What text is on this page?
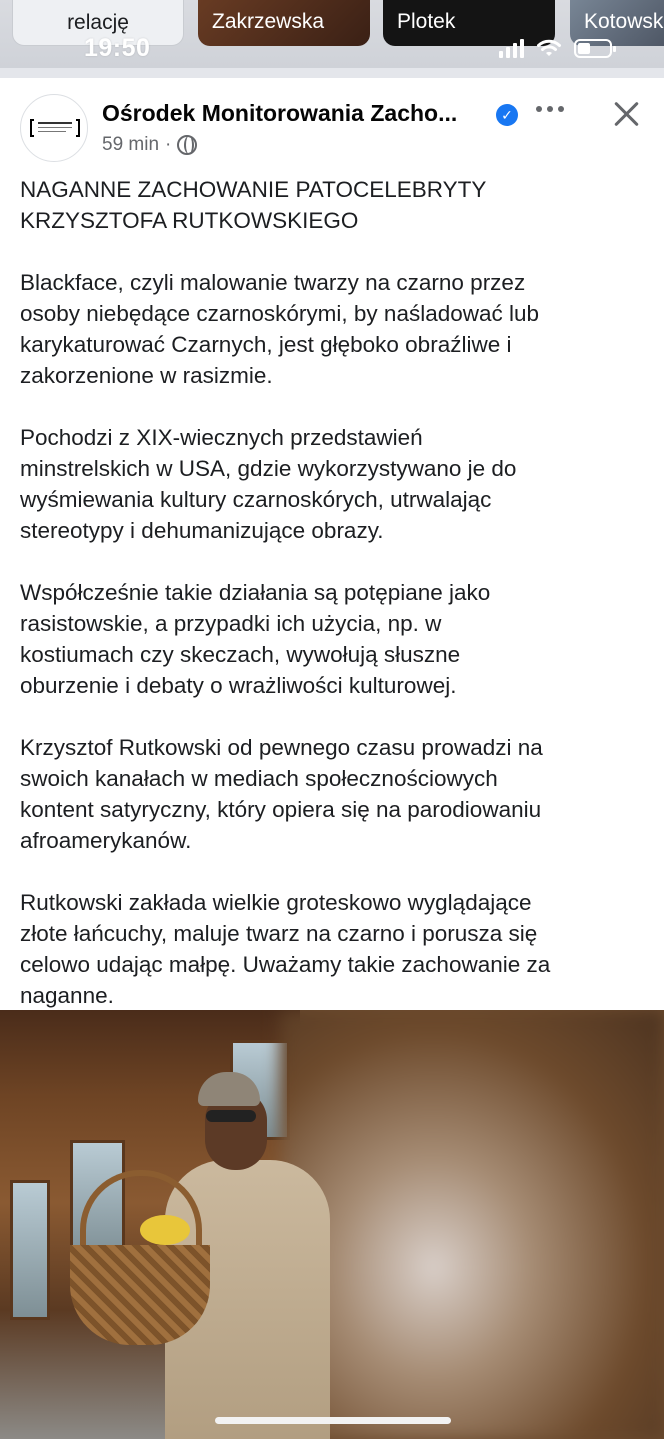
relację	Zakrzewska	Plotek	Kotowsk
19:50
Ośrodek Monitorowania Zacho...	✓
59 min ·

NAGANNE ZACHOWANIE PATOCELEBRYTY
KRZYSZTOFA RUTKOWSKIEGO

Blackface, czyli malowanie twarzy na czarno przez
osoby niebędące czarnoskórymi, by naśladować lub
karykaturować Czarnych, jest głęboko obraźliwe i
zakorzenione w rasizmie.

Pochodzi z XIX-wiecznych przedstawień
minstrelskich w USA, gdzie wykorzystywano je do
wyśmiewania kultury czarnoskórych, utrwalając
stereotypy i dehumanizujące obrazy.

Współcześnie takie działania są potępiane jako
rasistowskie, a przypadki ich użycia, np. w
kostiumach czy skeczach, wywołują słuszne
oburzenie i debaty o wrażliwości kulturowej.

Krzysztof Rutkowski od pewnego czasu prowadzi na
swoich kanałach w mediach społecznościowych
kontent satyryczny, który opiera się na parodiowaniu
afroamerykanów.

Rutkowski zakłada wielkie groteskowo wyglądające
złote łańcuchy, maluje twarz na czarno i porusza się
celowo udając małpę. Uważamy takie zachowanie za
naganne.
